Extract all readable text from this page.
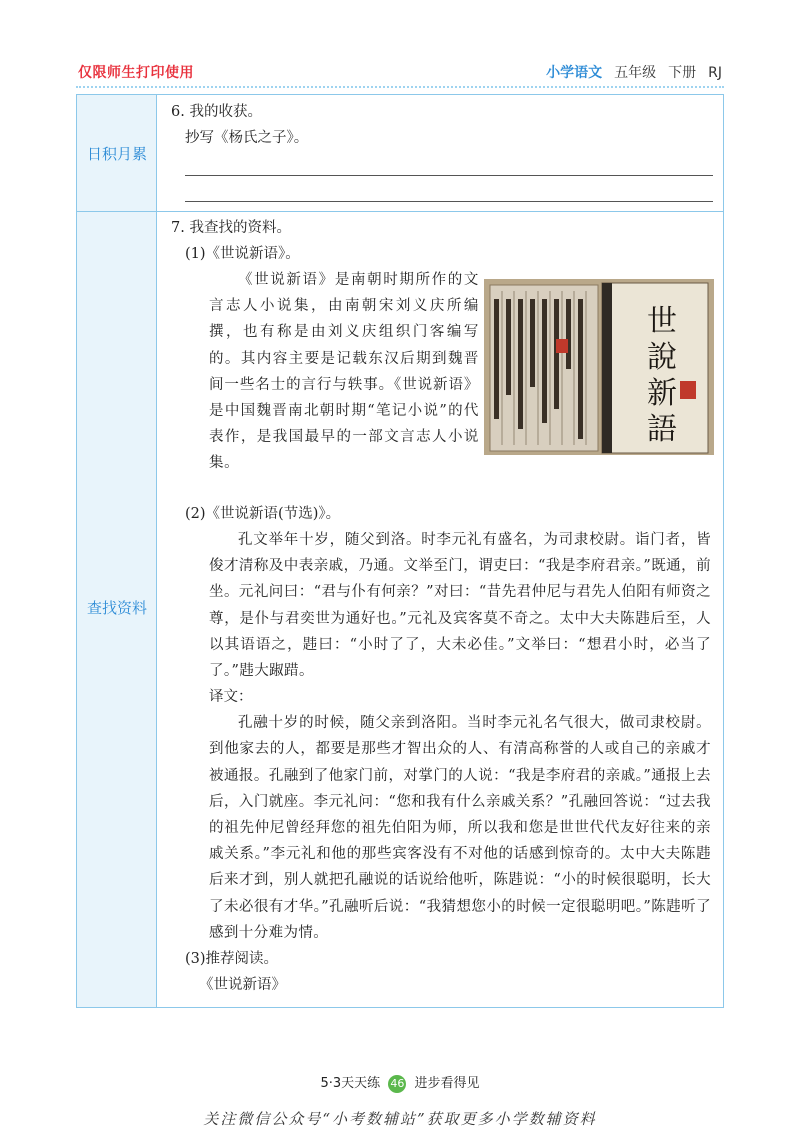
仅限师生打印使用	小学语文 五年级 下册 RJ
日积月累
查找资料
6. 我的收获。
抄写《杨氏之子》。
7. 我查找的资料。
(1)《世说新语》。
《世说新语》是南朝时期所作的文言志人小说集，由南朝宋刘义庆所编撰，也有称是由刘义庆组织门客编写的。其内容主要是记载东汉后期到魏晋间一些名士的言行与轶事。《世说新语》是中国魏晋南北朝时期“笔记小说”的代表作，是我国最早的一部文言志人小说集。
世
說
新
語
(2)《世说新语(节选)》。
孔文举年十岁，随父到洛。时李元礼有盛名，为司隶校尉。诣门者，皆俊才清称及中表亲戚，乃通。文举至门，谓吏曰：“我是李府君亲。”既通，前坐。元礼问曰：“君与仆有何亲？”对曰：“昔先君仲尼与君先人伯阳有师资之尊，是仆与君奕世为通好也。”元礼及宾客莫不奇之。太中大夫陈韪后至，人以其语语之，韪曰：“小时了了，大未必佳。”文举曰：“想君小时，必当了了。”韪大踧踖。
译文：
孔融十岁的时候，随父亲到洛阳。当时李元礼名气很大，做司隶校尉。到他家去的人，都要是那些才智出众的人、有清高称誉的人或自己的亲戚才被通报。孔融到了他家门前，对掌门的人说：“我是李府君的亲戚。”通报上去后，入门就座。李元礼问：“您和我有什么亲戚关系？”孔融回答说：“过去我的祖先仲尼曾经拜您的祖先伯阳为师，所以我和您是世世代代友好往来的亲戚关系。”李元礼和他的那些宾客没有不对他的话感到惊奇的。太中大夫陈韪后来才到，别人就把孔融说的话说给他听，陈韪说：“小的时候很聪明，长大了未必很有才华。”孔融听后说：“我猜想您小的时候一定很聪明吧。”陈韪听了感到十分难为情。
(3)推荐阅读。
《世说新语》
5·3天天练 46 进步看得见
关注微信公众号“小考数辅站”获取更多小学数辅资料
